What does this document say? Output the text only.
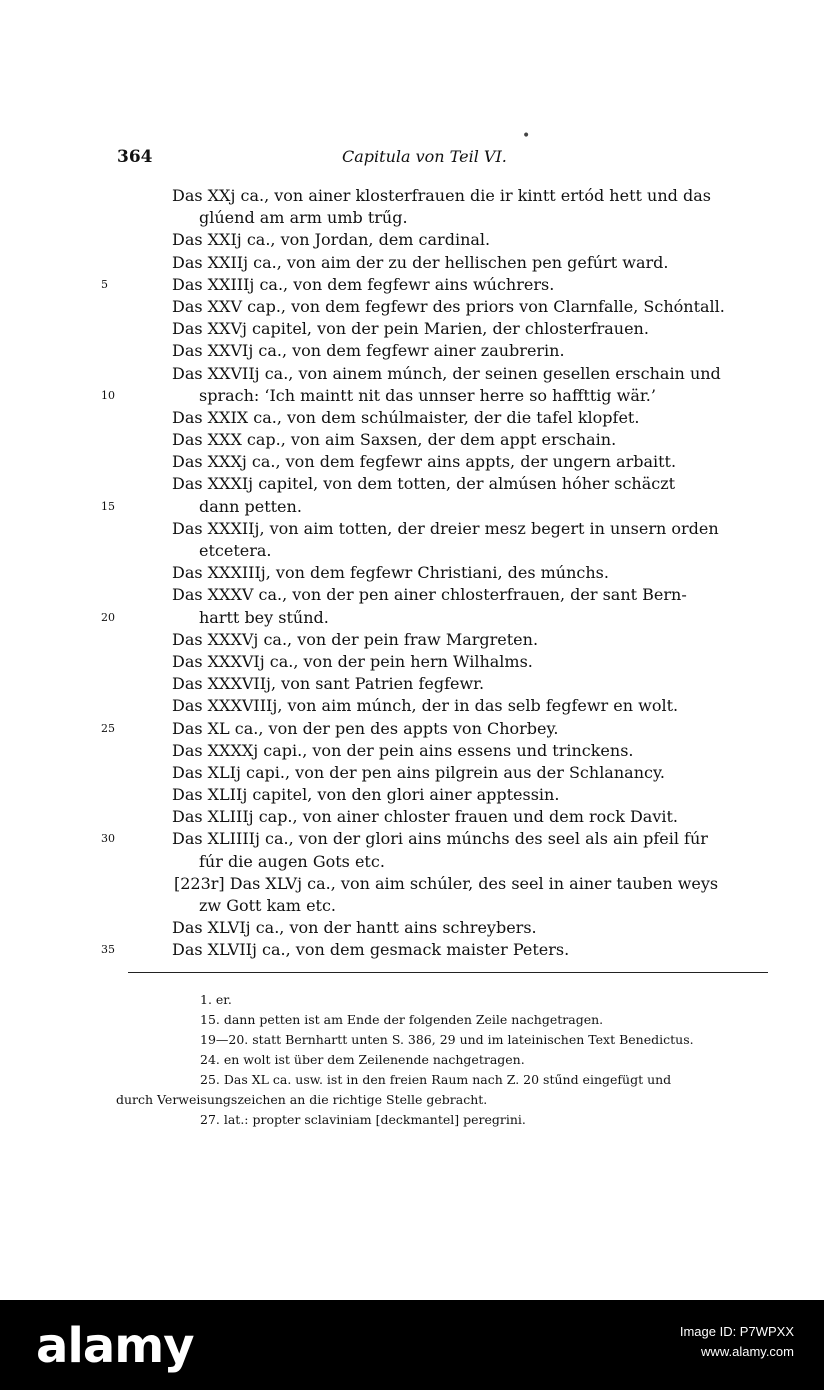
•
364	Capitula von Teil VI.
Das XXj ca., von ainer klosterfrauen die ir kintt ertód hett und das
glúend am arm umb trűg.
Das XXIj ca., von Jordan, dem cardinal.
Das XXIIj ca., von aim der zu der hellischen pen gefúrt ward.
5	Das XXIIIj ca., von dem fegfewr ains wúchrers.
Das XXV cap., von dem fegfewr des priors von Clarnfalle, Schóntall.
Das XXVj capitel, von der pein Marien, der chlosterfrauen.
Das XXVIj ca., von dem fegfewr ainer zaubrerin.
Das XXVIIj ca., von ainem múnch, der seinen gesellen erschain und
10	sprach: ‘Ich maintt nit das unnser herre so haffttig wär.’
Das XXIX ca., von dem schúlmaister, der die tafel klopfet.
Das XXX cap., von aim Saxsen, der dem appt erschain.
Das XXXj ca., von dem fegfewr ains appts, der ungern arbaitt.
Das XXXIj capitel, von dem totten, der almúsen hóher schäczt
15	dann petten.
Das XXXIIj, von aim totten, der dreier mesz begert in unsern orden
etcetera.
Das XXXIIIj, von dem fegfewr Christiani, des múnchs.
Das XXXV ca., von der pen ainer chlosterfrauen, der sant Bern-
20	hartt bey stűnd.
Das XXXVj ca., von der pein fraw Margreten.
Das XXXVIj ca., von der pein hern Wilhalms.
Das XXXVIIj, von sant Patrien fegfewr.
Das XXXVIIIj, von aim múnch, der in das selb fegfewr en wolt.
25	Das XL ca., von der pen des appts von Chorbey.
Das XXXXj capi., von der pein ains essens und trinckens.
Das XLIj capi., von der pen ains pilgrein aus der Schlanancy.
Das XLIIj capitel, von den glori ainer apptessin.
Das XLIIIj cap., von ainer chloster frauen und dem rock Davit.
30	Das XLIIIIj ca., von der glori ains múnchs des seel als ain pfeil fúr
fúr die augen Gots etc.
[223r] Das XLVj ca., von aim schúler, des seel in ainer tauben weys
zw Gott kam etc.
Das XLVIj ca., von der hantt ains schreybers.
35	Das XLVIIj ca., von dem gesmack maister Peters.
1. er.
15. dann petten ist am Ende der folgenden Zeile nachgetragen.
19—20. statt Bernhartt unten S. 386, 29 und im lateinischen Text Benedictus.
24. en wolt ist über dem Zeilenende nachgetragen.
25. Das XL ca. usw. ist in den freien Raum nach Z. 20 stűnd eingefügt und
durch Verweisungszeichen an die richtige Stelle gebracht.
27. lat.: propter sclaviniam [deckmantel] peregrini.
alamy	Image ID: P7WPXX
www.alamy.com
